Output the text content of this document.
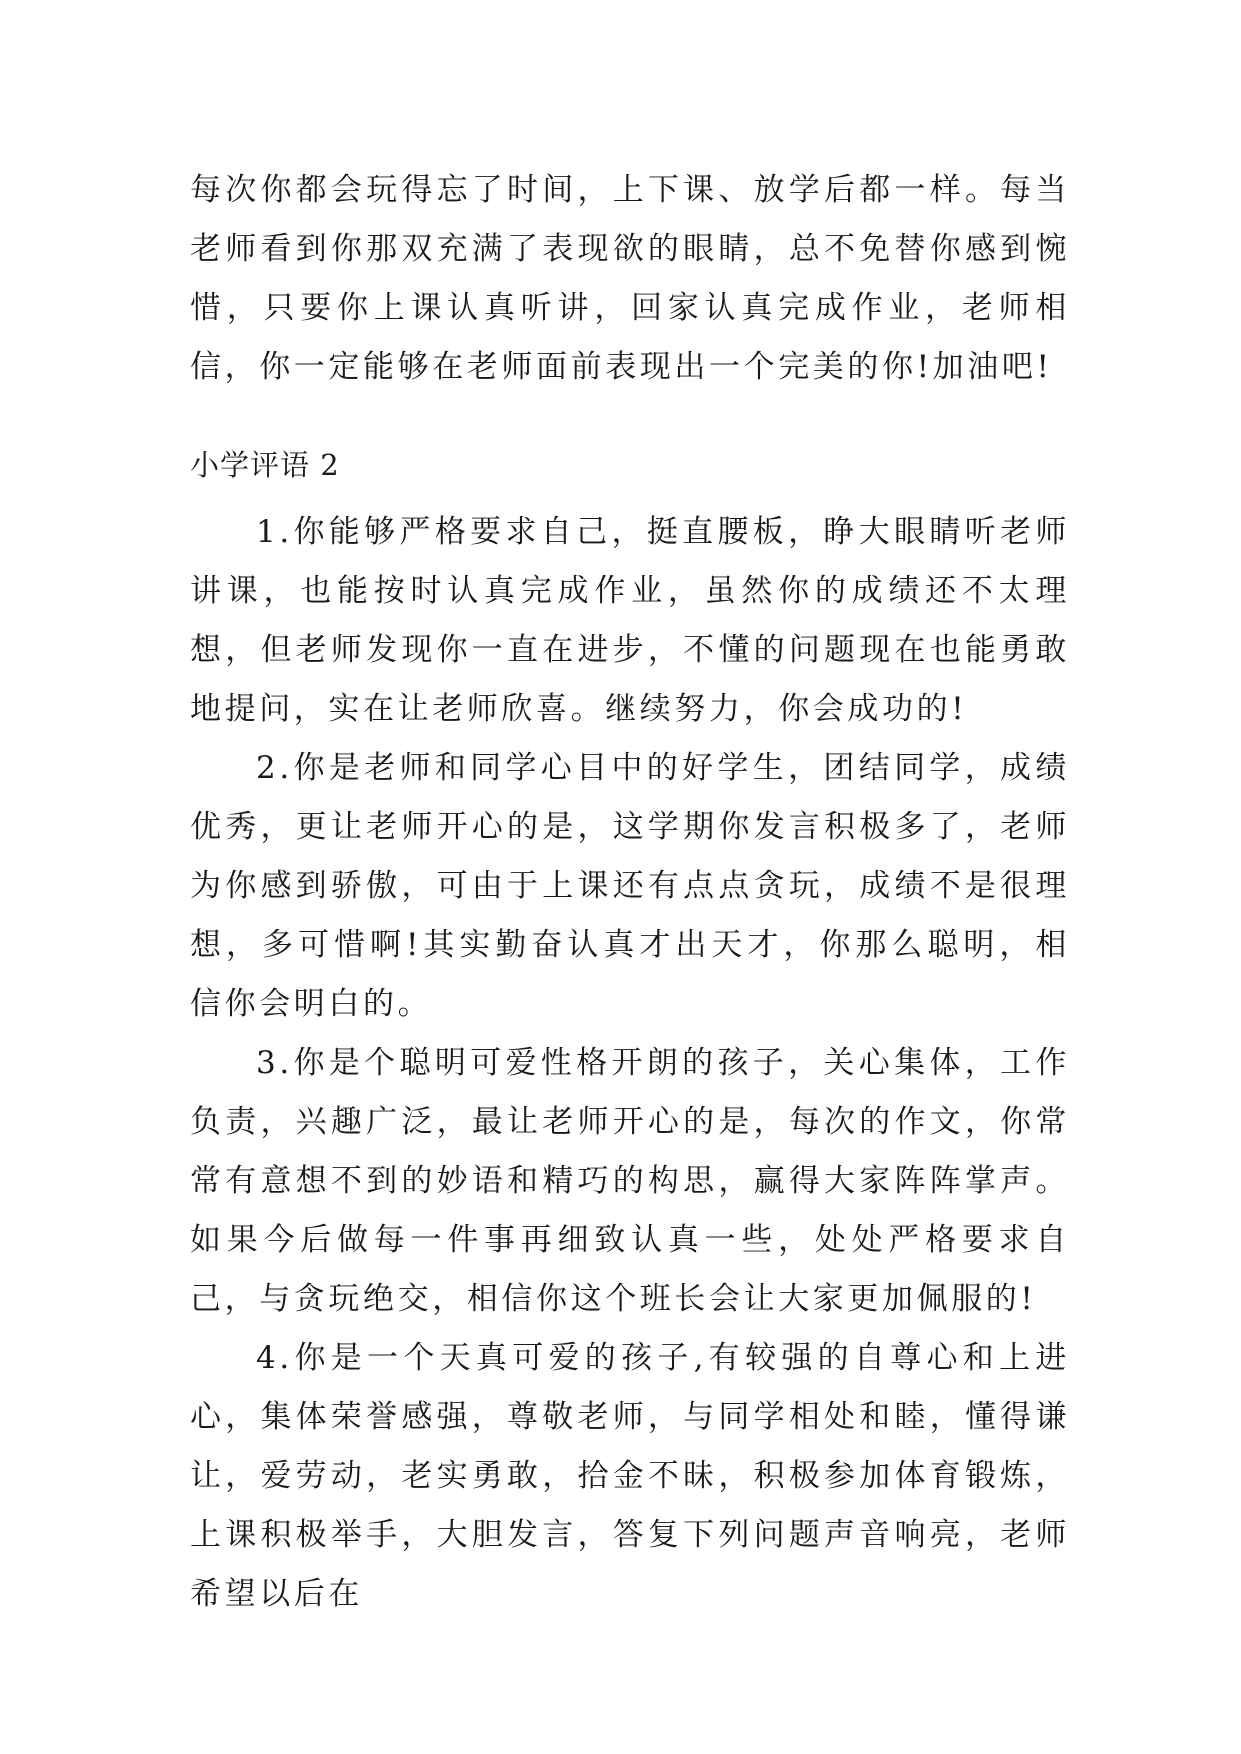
每次你都会玩得忘了时间，上下课、放学后都一样。每当老师看到你那双充满了表现欲的眼睛，总不免替你感到惋惜，只要你上课认真听讲，回家认真完成作业，老师相信，你一定能够在老师面前表现出一个完美的你!加油吧!

小学评语 2

1.你能够严格要求自己，挺直腰板，睁大眼睛听老师讲课，也能按时认真完成作业，虽然你的成绩还不太理想，但老师发现你一直在进步，不懂的问题现在也能勇敢地提问，实在让老师欣喜。继续努力，你会成功的!

2.你是老师和同学心目中的好学生，团结同学，成绩优秀，更让老师开心的是，这学期你发言积极多了，老师为你感到骄傲，可由于上课还有点点贪玩，成绩不是很理想，多可惜啊!其实勤奋认真才出天才，你那么聪明，相信你会明白的。

3.你是个聪明可爱性格开朗的孩子，关心集体，工作负责，兴趣广泛，最让老师开心的是，每次的作文，你常常有意想不到的妙语和精巧的构思，赢得大家阵阵掌声。如果今后做每一件事再细致认真一些，处处严格要求自己，与贪玩绝交，相信你这个班长会让大家更加佩服的!

4.你是一个天真可爱的孩子,有较强的自尊心和上进心，集体荣誉感强，尊敬老师，与同学相处和睦，懂得谦让，爱劳动，老实勇敢，拾金不昧，积极参加体育锻炼，上课积极举手，大胆发言，答复下列问题声音响亮，老师希望以后在
